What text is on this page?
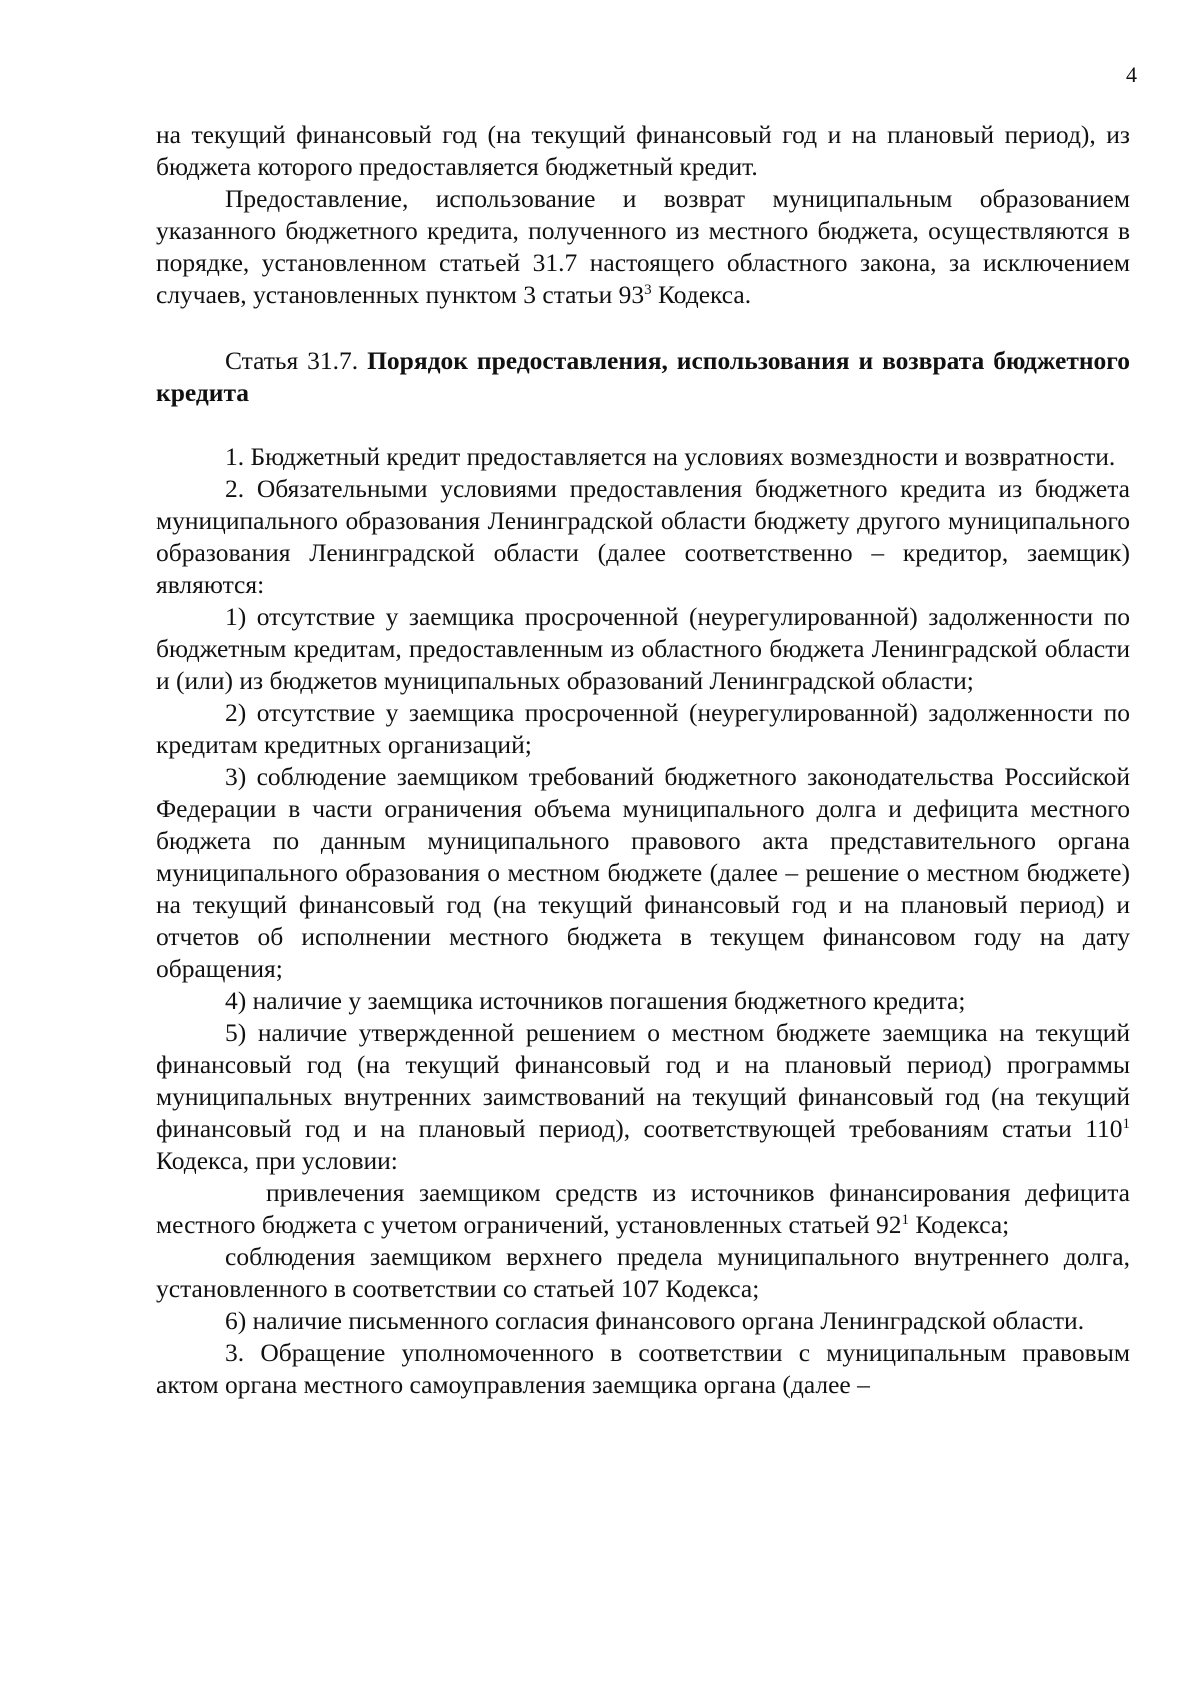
4

на текущий финансовый год (на текущий финансовый год и на плановый период), из бюджета которого предоставляется бюджетный кредит.

Предоставление, использование и возврат муниципальным образованием указанного бюджетного кредита, полученного из местного бюджета, осуществляются в порядке, установленном статьей 31.7 настоящего областного закона, за исключением случаев, установленных пунктом 3 статьи $93^3$ Кодекса.

Статья 31.7. Порядок предоставления, использования и возврата бюджетного кредита

1. Бюджетный кредит предоставляется на условиях возмездности и возвратности.

2. Обязательными условиями предоставления бюджетного кредита из бюджета муниципального образования Ленинградской области бюджету другого муниципального образования Ленинградской области (далее соответственно – кредитор, заемщик) являются:

1) отсутствие у заемщика просроченной (неурегулированной) задолженности по бюджетным кредитам, предоставленным из областного бюджета Ленинградской области и (или) из бюджетов муниципальных образований Ленинградской области;

2) отсутствие у заемщика просроченной (неурегулированной) задолженности по кредитам кредитных организаций;

3) соблюдение заемщиком требований бюджетного законодательства Российской Федерации в части ограничения объема муниципального долга и дефицита местного бюджета по данным муниципального правового акта представительного органа муниципального образования о местном бюджете (далее – решение о местном бюджете) на текущий финансовый год (на текущий финансовый год и на плановый период) и отчетов об исполнении местного бюджета в текущем финансовом году на дату обращения;

4) наличие у заемщика источников погашения бюджетного кредита;

5) наличие утвержденной решением о местном бюджете заемщика на текущий финансовый год (на текущий финансовый год и на плановый период) программы муниципальных внутренних заимствований на текущий финансовый год (на текущий финансовый год и на плановый период), соответствующей требованиям статьи $110^1$ Кодекса, при условии:

привлечения заемщиком средств из источников финансирования дефицита местного бюджета с учетом ограничений, установленных статьей $92^1$ Кодекса;

соблюдения заемщиком верхнего предела муниципального внутреннего долга, установленного в соответствии со статьей 107 Кодекса;

6) наличие письменного согласия финансового органа Ленинградской области.

3. Обращение уполномоченного в соответствии с муниципальным правовым актом органа местного самоуправления заемщика органа (далее –
